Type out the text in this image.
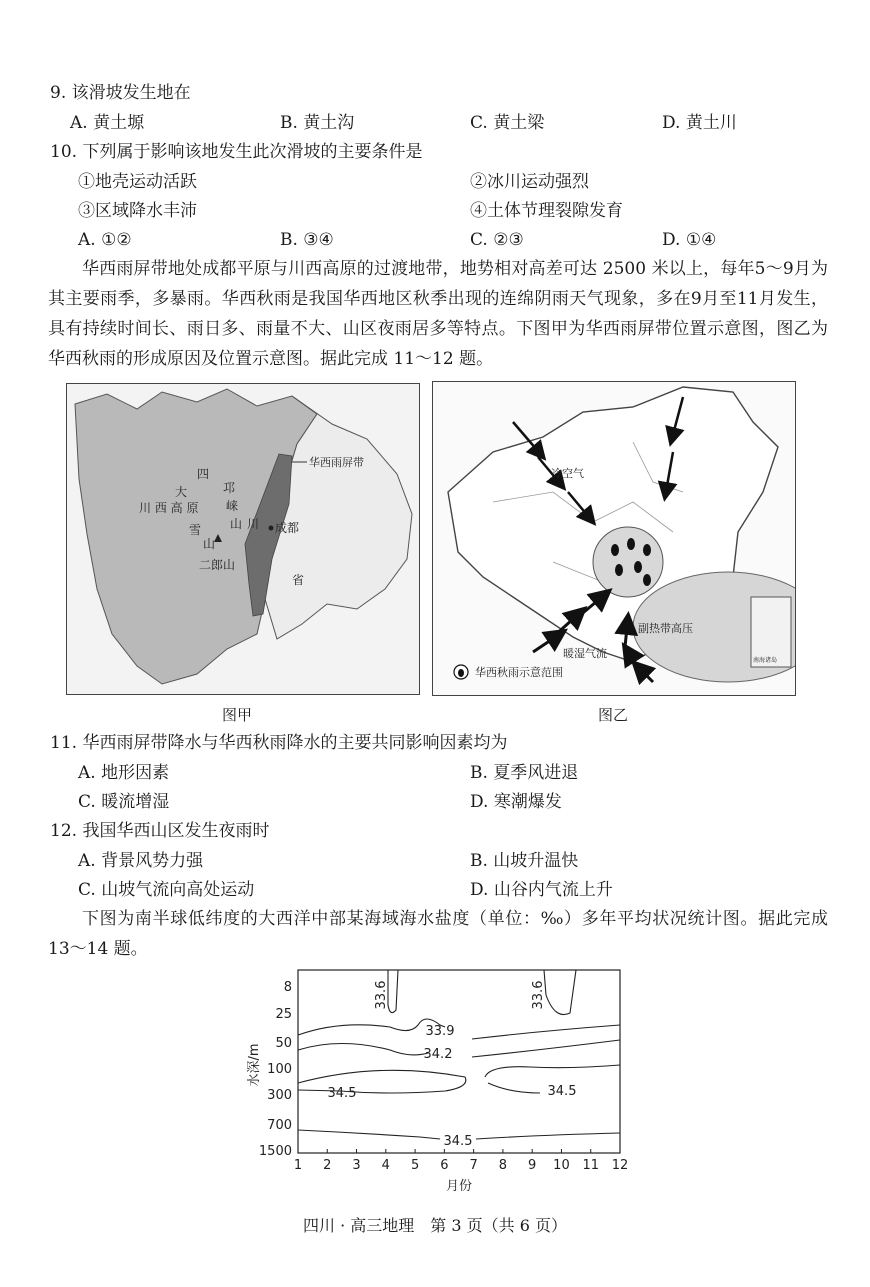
9. 该滑坡发生地在
A. 黄土塬	B. 黄土沟	C. 黄土梁	D. 黄土川
10. 下列属于影响该地发生此次滑坡的主要条件是
①地壳运动活跃	②冰川运动强烈
③区域降水丰沛	④土体节理裂隙发育
A. ①②	B. ③④	C. ②③	D. ①④
华西雨屏带地处成都平原与川西高原的过渡地带，地势相对高差可达 2500 米以上，每年5～9月为其主要雨季，多暴雨。华西秋雨是我国华西地区秋季出现的连绵阴雨天气现象，多在9月至11月发生，具有持续时间长、雨日多、雨量不大、山区夜雨居多等特点。下图甲为华西雨屏带位置示意图，图乙为华西秋雨的形成原因及位置示意图。据此完成 11～12 题。
华西雨屏带
四
邛
崃
山
大
川 西 高 原
雪
山
川 成都
二郎山
省
图甲
副热带高压
南海诸岛
冷空气
暖湿气流
华西秋雨示意范围
图乙
11. 华西雨屏带降水与华西秋雨降水的主要共同影响因素均为
A. 地形因素	B. 夏季风进退
C. 暖流增湿	D. 寒潮爆发
12. 我国华西山区发生夜雨时
A. 背景风势力强	B. 山坡升温快
C. 山坡气流向高处运动	D. 山谷内气流上升
下图为南半球低纬度的大西洋中部某海域海水盐度（单位：‰）多年平均状况统计图。据此完成 13～14 题。
水深/m
8
25
50
100
300
700
1500
1 2 3 4 5 6 7 8 9 10 11 12
月份
33.6	33.6
33.9
34.2
34.5	34.5
34.5
四川 · 高三地理　第 3 页（共 6 页）
